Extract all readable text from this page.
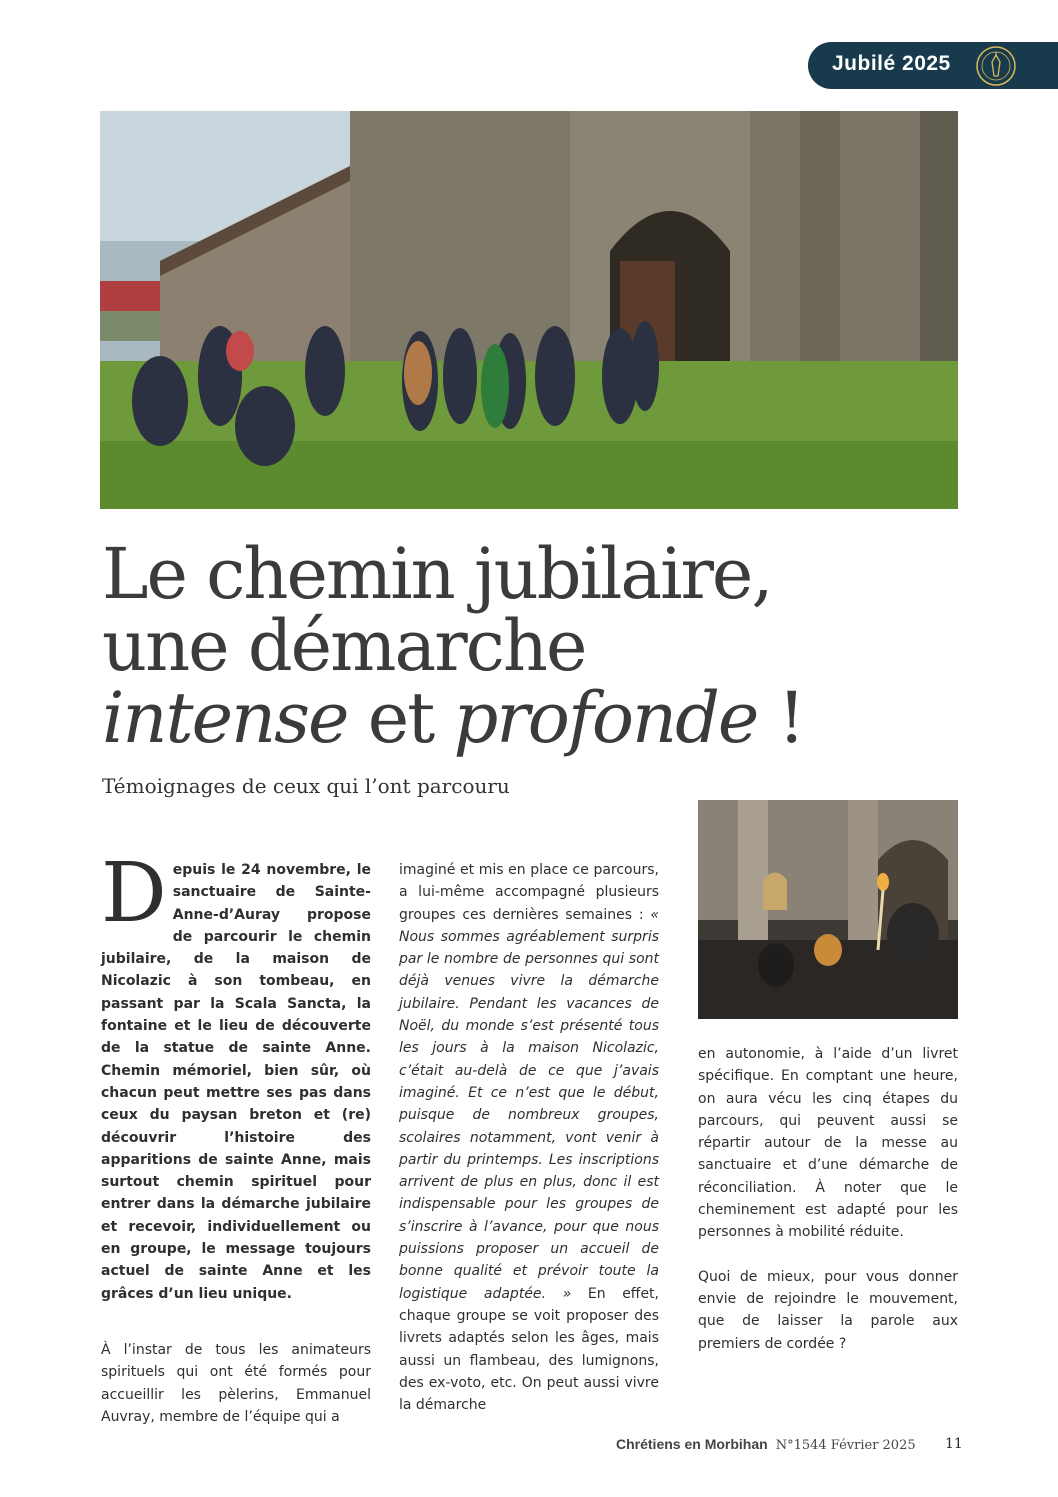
Jubilé 2025
Le chemin jubilaire,
une démarche
intense et profonde !
Témoignages de ceux qui l’ont parcouru

Depuis le 24 novembre, le sanctuaire de Sainte-Anne-d’Auray propose de parcourir le chemin jubilaire, de la maison de Nicolazic à son tombeau, en passant par la Scala Sancta, la fontaine et le lieu de découverte de la statue de sainte Anne. Chemin mémoriel, bien sûr, où chacun peut mettre ses pas dans ceux du paysan breton et (re) découvrir l’histoire des apparitions de sainte Anne, mais surtout chemin spirituel pour entrer dans la démarche jubilaire et recevoir, individuellement ou en groupe, le message toujours actuel de sainte Anne et les grâces d’un lieu unique.

À l’instar de tous les animateurs spirituels qui ont été formés pour accueillir les pèlerins, Emmanuel Auvray, membre de l’équipe qui a

imaginé et mis en place ce parcours, a lui-même accompagné plusieurs groupes ces dernières semaines : « Nous sommes agréablement surpris par le nombre de personnes qui sont déjà venues vivre la démarche jubilaire. Pendant les vacances de Noël, du monde s’est présenté tous les jours à la maison Nicolazic, c’était au-delà de ce que j’avais imaginé. Et ce n’est que le début, puisque de nombreux groupes, scolaires notamment, vont venir à partir du printemps. Les inscriptions arrivent de plus en plus, donc il est indispensable pour les groupes de s’inscrire à l’avance, pour que nous puissions proposer un accueil de bonne qualité et prévoir toute la logistique adaptée. » En effet, chaque groupe se voit proposer des livrets adaptés selon les âges, mais aussi un flambeau, des lumignons, des ex-voto, etc. On peut aussi vivre la démarche

en autonomie, à l’aide d’un livret spécifique. En comptant une heure, on aura vécu les cinq étapes du parcours, qui peuvent aussi se répartir autour de la messe au sanctuaire et d’une démarche de réconciliation. À noter que le cheminement est adapté pour les personnes à mobilité réduite.

Quoi de mieux, pour vous donner envie de rejoindre le mouvement, que de laisser la parole aux premiers de cordée ?

Chrétiens en Morbihan N°1544 Février 2025 11
